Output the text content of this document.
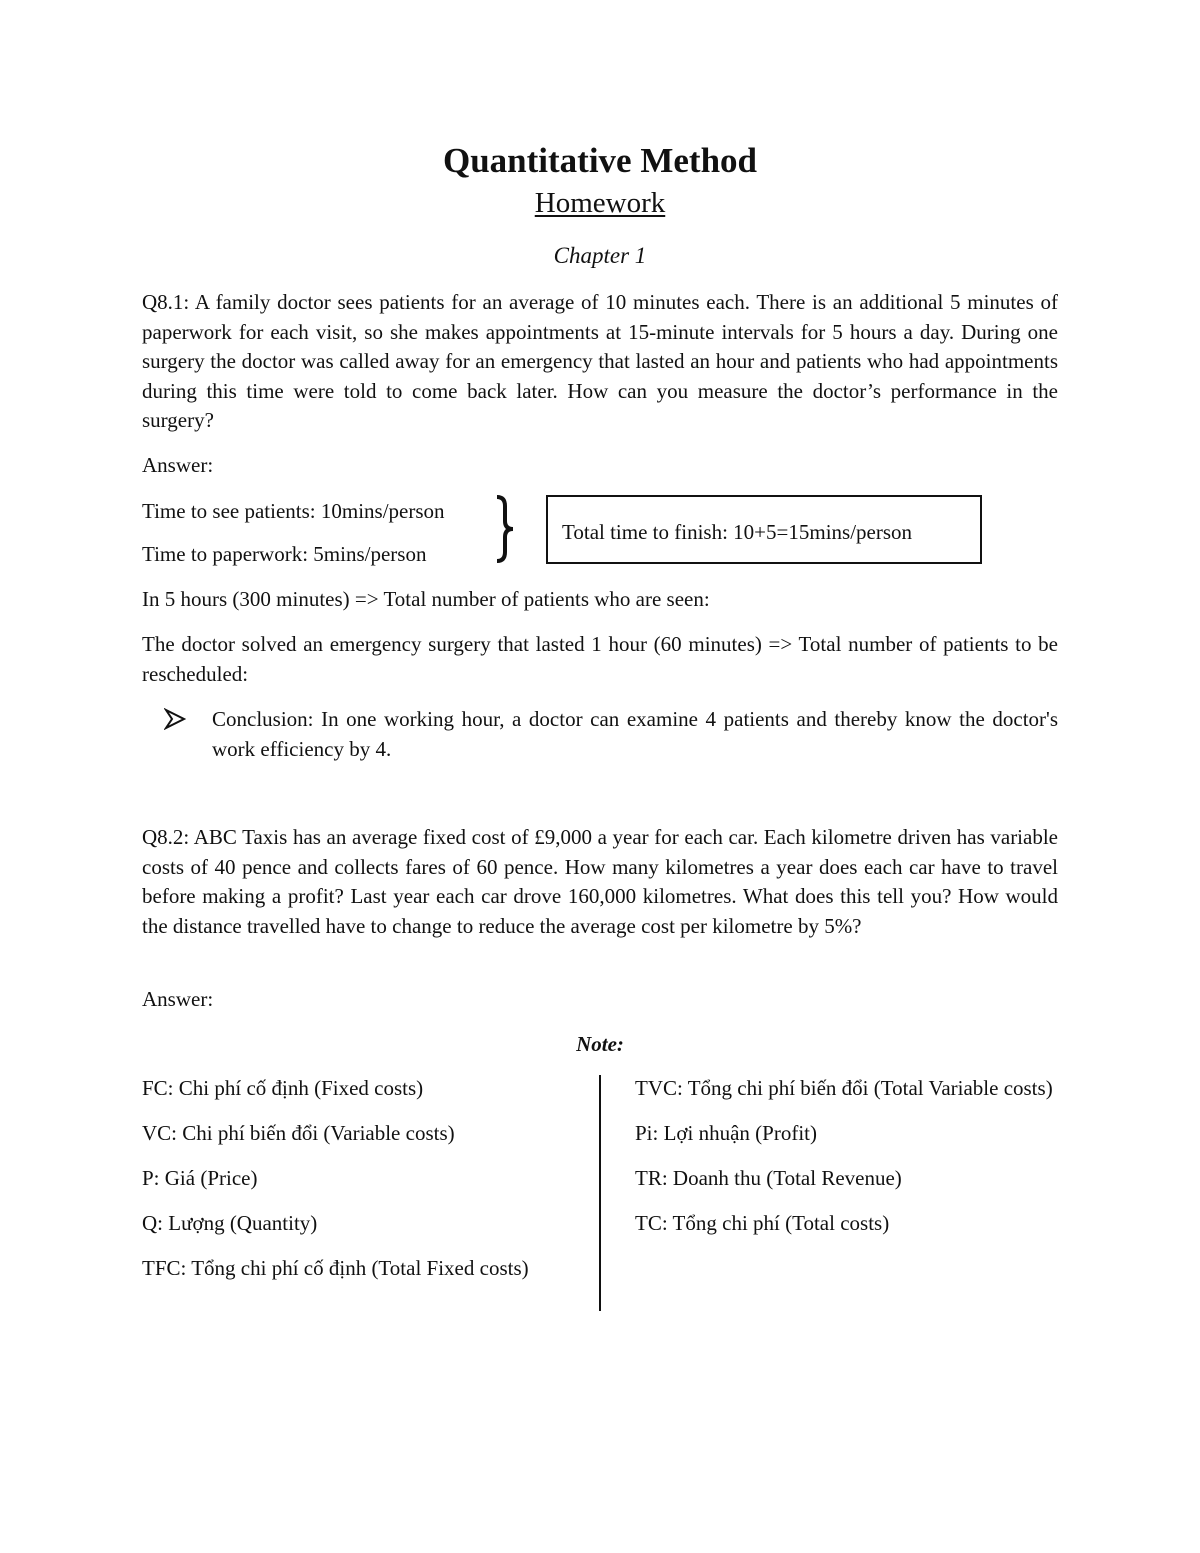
Quantitative Method
Homework
Chapter 1

Q8.1: A family doctor sees patients for an average of 10 minutes each. There is an additional 5 minutes of paperwork for each visit, so she makes appointments at 15-minute intervals for 5 hours a day. During one surgery the doctor was called away for an emergency that lasted an hour and patients who had appointments during this time were told to come back later. How can you measure the doctor’s performance in the surgery?

Answer:

Time to see patients: 10mins/person

Time to paperwork: 5mins/person

Total time to finish: 10+5=15mins/person

In 5 hours (300 minutes) => Total number of patients who are seen:

The doctor solved an emergency surgery that lasted 1 hour (60 minutes) => Total number of patients to be rescheduled:

Conclusion: In one working hour, a doctor can examine 4 patients and thereby know the doctor's work efficiency by 4.

Q8.2: ABC Taxis has an average fixed cost of £9,000 a year for each car. Each kilometre driven has variable costs of 40 pence and collects fares of 60 pence. How many kilometres a year does each car have to travel before making a profit? Last year each car drove 160,000 kilometres. What does this tell you? How would the distance travelled have to change to reduce the average cost per kilometre by 5%?

Answer:

Note:

FC: Chi phí cố định (Fixed costs)

VC: Chi phí biến đổi (Variable costs)

P: Giá (Price)

Q: Lượng (Quantity)

TFC: Tổng chi phí cố định (Total Fixed costs)

TVC: Tổng chi phí biến đổi (Total Variable costs)

Pi: Lợi nhuận (Profit)

TR: Doanh thu (Total Revenue)

TC: Tổng chi phí (Total costs)
